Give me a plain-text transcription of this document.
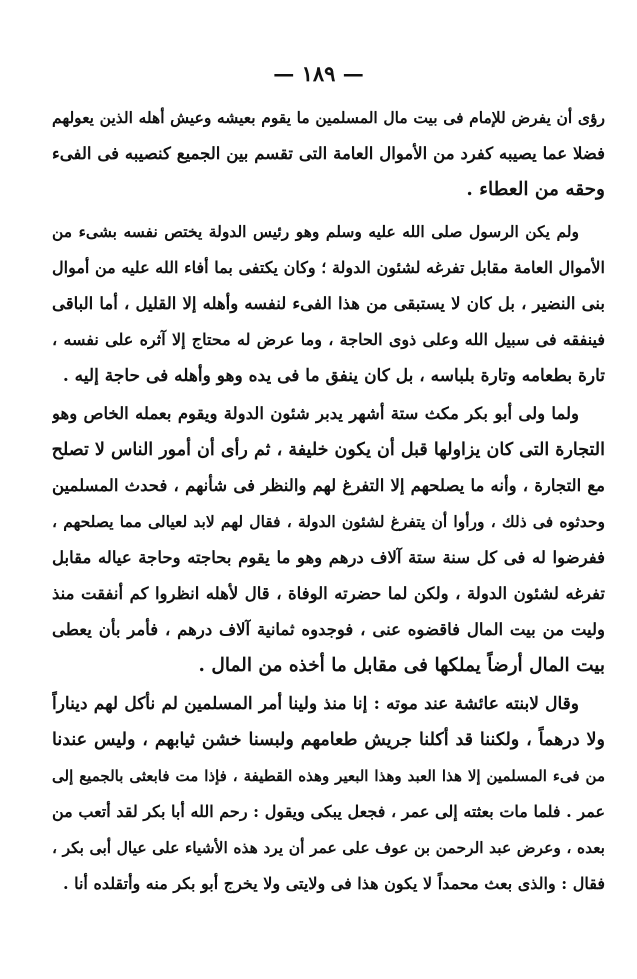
— ١٨٩ —
رؤى أن يفرض للإمام فى بيت مال المسلمين ما يقوم بعيشه وعيش أهله الذين يعولهم
فضلا عما يصيبه كفرد من الأموال العامة التى تقسم بين الجميع كنصيبه فى الفىء
وحقه من العطاء .
ولم يكن الرسول صلى الله عليه وسلم وهو رئيس الدولة يختص نفسه بشىء من
الأموال العامة مقابل تفرغه لشئون الدولة ؛ وكان يكتفى بما أفاء الله عليه من أموال
بنى النضير ، بل كان لا يستبقى من هذا الفىء لنفسه وأهله إلا القليل ، أما الباقى
فينفقه فى سبيل الله وعلى ذوى الحاجة ، وما عرض له محتاج إلا آثره على نفسه ،
تارة بطعامه وتارة بلباسه ، بل كان ينفق ما فى يده وهو وأهله فى حاجة إليه .
ولما ولى أبو بكر مكث ستة أشهر يدبر شئون الدولة ويقوم بعمله الخاص وهو
التجارة التى كان يزاولها قبل أن يكون خليفة ، ثم رأى أن أمور الناس لا تصلح
مع التجارة ، وأنه ما يصلحهم إلا التفرغ لهم والنظر فى شأنهم ، فحدث المسلمين
وحدثوه فى ذلك ، ورأوا أن يتفرغ لشئون الدولة ، فقال لهم لابد لعيالى مما يصلحهم ،
ففرضوا له فى كل سنة ستة آلاف درهم وهو ما يقوم بحاجته وحاجة عياله مقابل
تفرغه لشئون الدولة ، ولكن لما حضرته الوفاة ، قال لأهله انظروا كم أنفقت منذ
وليت من بيت المال فاقضوه عنى ، فوجدوه ثمانية آلاف درهم ، فأمر بأن يعطى
بيت المال أرضاً يملكها فى مقابل ما أخذه من المال .
وقال لابنته عائشة عند موته : إنا منذ ولينا أمر المسلمين لم نأكل لهم ديناراً
ولا درهماً ، ولكننا قد أكلنا جريش طعامهم ولبسنا خشن ثيابهم ، وليس عندنا
من فىء المسلمين إلا هذا العبد وهذا البعير وهذه القطيفة ، فإذا مت فابعثى بالجميع إلى
عمر . فلما مات بعثته إلى عمر ، فجعل يبكى ويقول : رحم الله أبا بكر لقد أتعب من
بعده ، وعرض عبد الرحمن بن عوف على عمر أن يرد هذه الأشياء على عيال أبى بكر ،
فقال : والذى بعث محمداً لا يكون هذا فى ولايتى ولا يخرج أبو بكر منه وأتقلده أنا .
